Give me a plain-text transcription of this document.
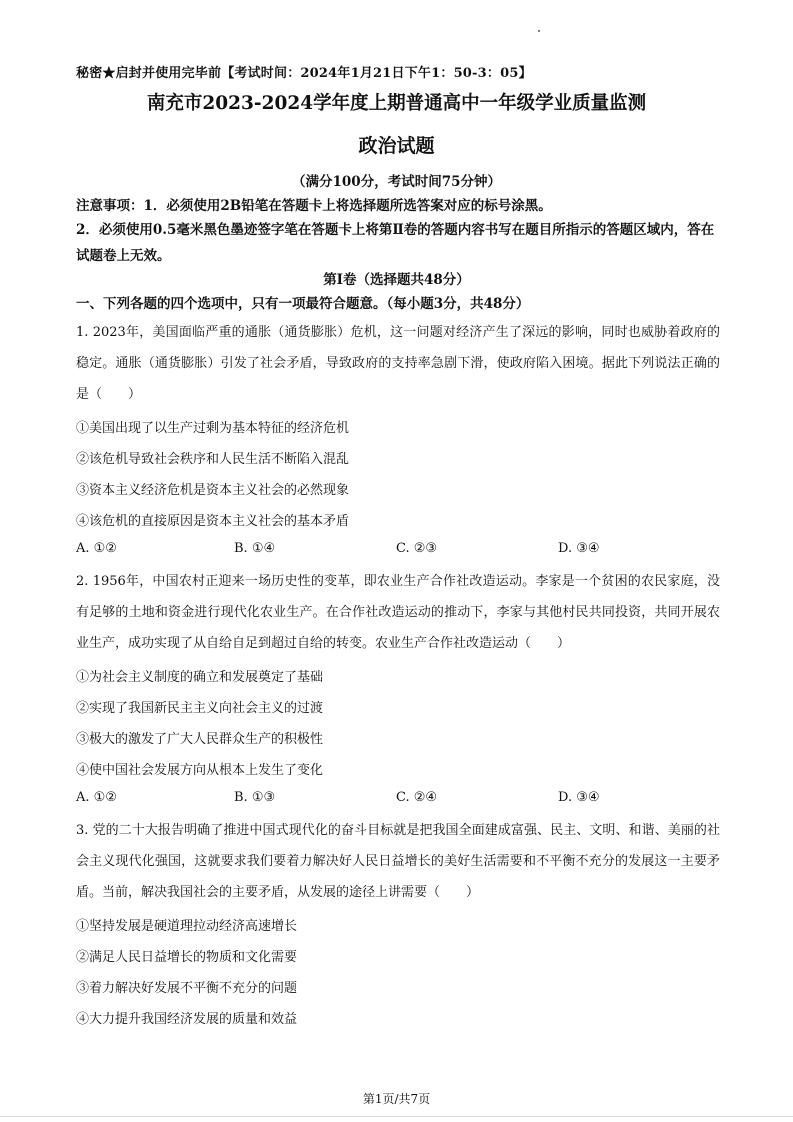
秘密★启封并使用完毕前【考试时间：2024年1月21日下午1：50-3：05】
南充市2023-2024学年度上期普通高中一年级学业质量监测
政治试题
（满分100分，考试时间75分钟）
注意事项：1．必须使用2B铅笔在答题卡上将选择题所选答案对应的标号涂黑。
2．必须使用0.5毫米黑色墨迹签字笔在答题卡上将第Ⅱ卷的答题内容书写在题目所指示的答题区域内，答在试题卷上无效。
第Ⅰ卷（选择题共48分）
一、下列各题的四个选项中，只有一项最符合题意。（每小题3分，共48分）
1. 2023年，美国面临严重的通胀（通货膨胀）危机，这一问题对经济产生了深远的影响，同时也威胁着政府的稳定。通胀（通货膨胀）引发了社会矛盾，导致政府的支持率急剧下滑，使政府陷入困境。据此下列说法正确的是（　　）
①美国出现了以生产过剩为基本特征的经济危机
②该危机导致社会秩序和人民生活不断陷入混乱
③资本主义经济危机是资本主义社会的必然现象
④该危机的直接原因是资本主义社会的基本矛盾
A. ①②	B. ①④	C. ②③	D. ③④
2. 1956年，中国农村正迎来一场历史性的变革，即农业生产合作社改造运动。李家是一个贫困的农民家庭，没有足够的土地和资金进行现代化农业生产。在合作社改造运动的推动下，李家与其他村民共同投资，共同开展农业生产，成功实现了从自给自足到超过自给的转变。农业生产合作社改造运动（　　）
①为社会主义制度的确立和发展奠定了基础
②实现了我国新民主主义向社会主义的过渡
③极大的激发了广大人民群众生产的积极性
④使中国社会发展方向从根本上发生了变化
A. ①②	B. ①③	C. ②④	D. ③④
3. 党的二十大报告明确了推进中国式现代化的奋斗目标就是把我国全面建成富强、民主、文明、和谐、美丽的社会主义现代化强国，这就要求我们要着力解决好人民日益增长的美好生活需要和不平衡不充分的发展这一主要矛盾。当前，解决我国社会的主要矛盾，从发展的途径上讲需要（　　）
①坚持发展是硬道理拉动经济高速增长
②满足人民日益增长的物质和文化需要
③着力解决好发展不平衡不充分的问题
④大力提升我国经济发展的质量和效益
第1页/共7页
